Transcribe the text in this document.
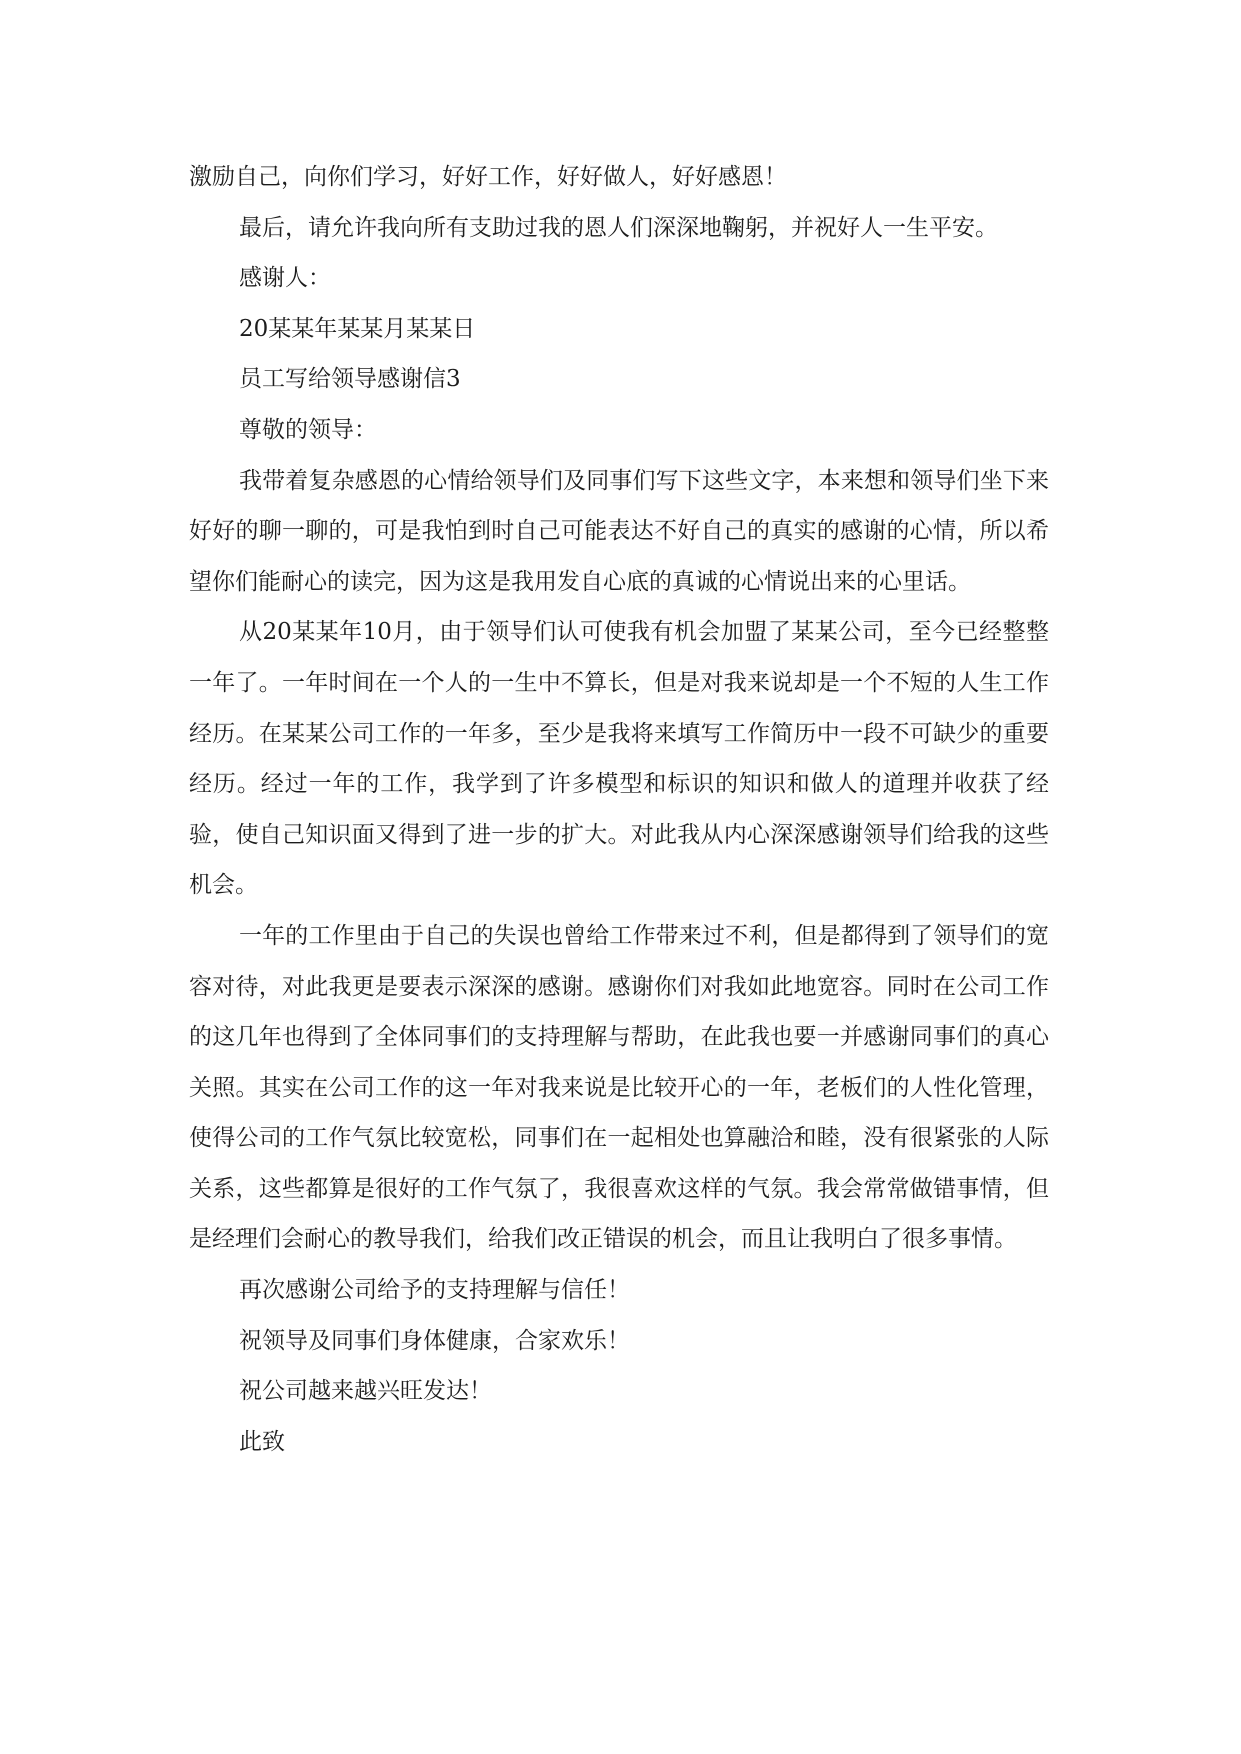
激励自己，向你们学习，好好工作，好好做人，好好感恩！

最后，请允许我向所有支助过我的恩人们深深地鞠躬，并祝好人一生平安。

感谢人：

20某某年某某月某某日

员工写给领导感谢信3

尊敬的领导：

我带着复杂感恩的心情给领导们及同事们写下这些文字，本来想和领导们坐下来好好的聊一聊的，可是我怕到时自己可能表达不好自己的真实的感谢的心情，所以希望你们能耐心的读完，因为这是我用发自心底的真诚的心情说出来的心里话。

从20某某年10月，由于领导们认可使我有机会加盟了某某公司，至今已经整整一年了。一年时间在一个人的一生中不算长，但是对我来说却是一个不短的人生工作经历。在某某公司工作的一年多，至少是我将来填写工作简历中一段不可缺少的重要经历。经过一年的工作，我学到了许多模型和标识的知识和做人的道理并收获了经验，使自己知识面又得到了进一步的扩大。对此我从内心深深感谢领导们给我的这些机会。

一年的工作里由于自己的失误也曾给工作带来过不利，但是都得到了领导们的宽容对待，对此我更是要表示深深的感谢。感谢你们对我如此地宽容。同时在公司工作的这几年也得到了全体同事们的支持理解与帮助，在此我也要一并感谢同事们的真心关照。其实在公司工作的这一年对我来说是比较开心的一年，老板们的人性化管理，使得公司的工作气氛比较宽松，同事们在一起相处也算融洽和睦，没有很紧张的人际关系，这些都算是很好的工作气氛了，我很喜欢这样的气氛。我会常常做错事情，但是经理们会耐心的教导我们，给我们改正错误的机会，而且让我明白了很多事情。

再次感谢公司给予的支持理解与信任！

祝领导及同事们身体健康，合家欢乐！

祝公司越来越兴旺发达！

此致
